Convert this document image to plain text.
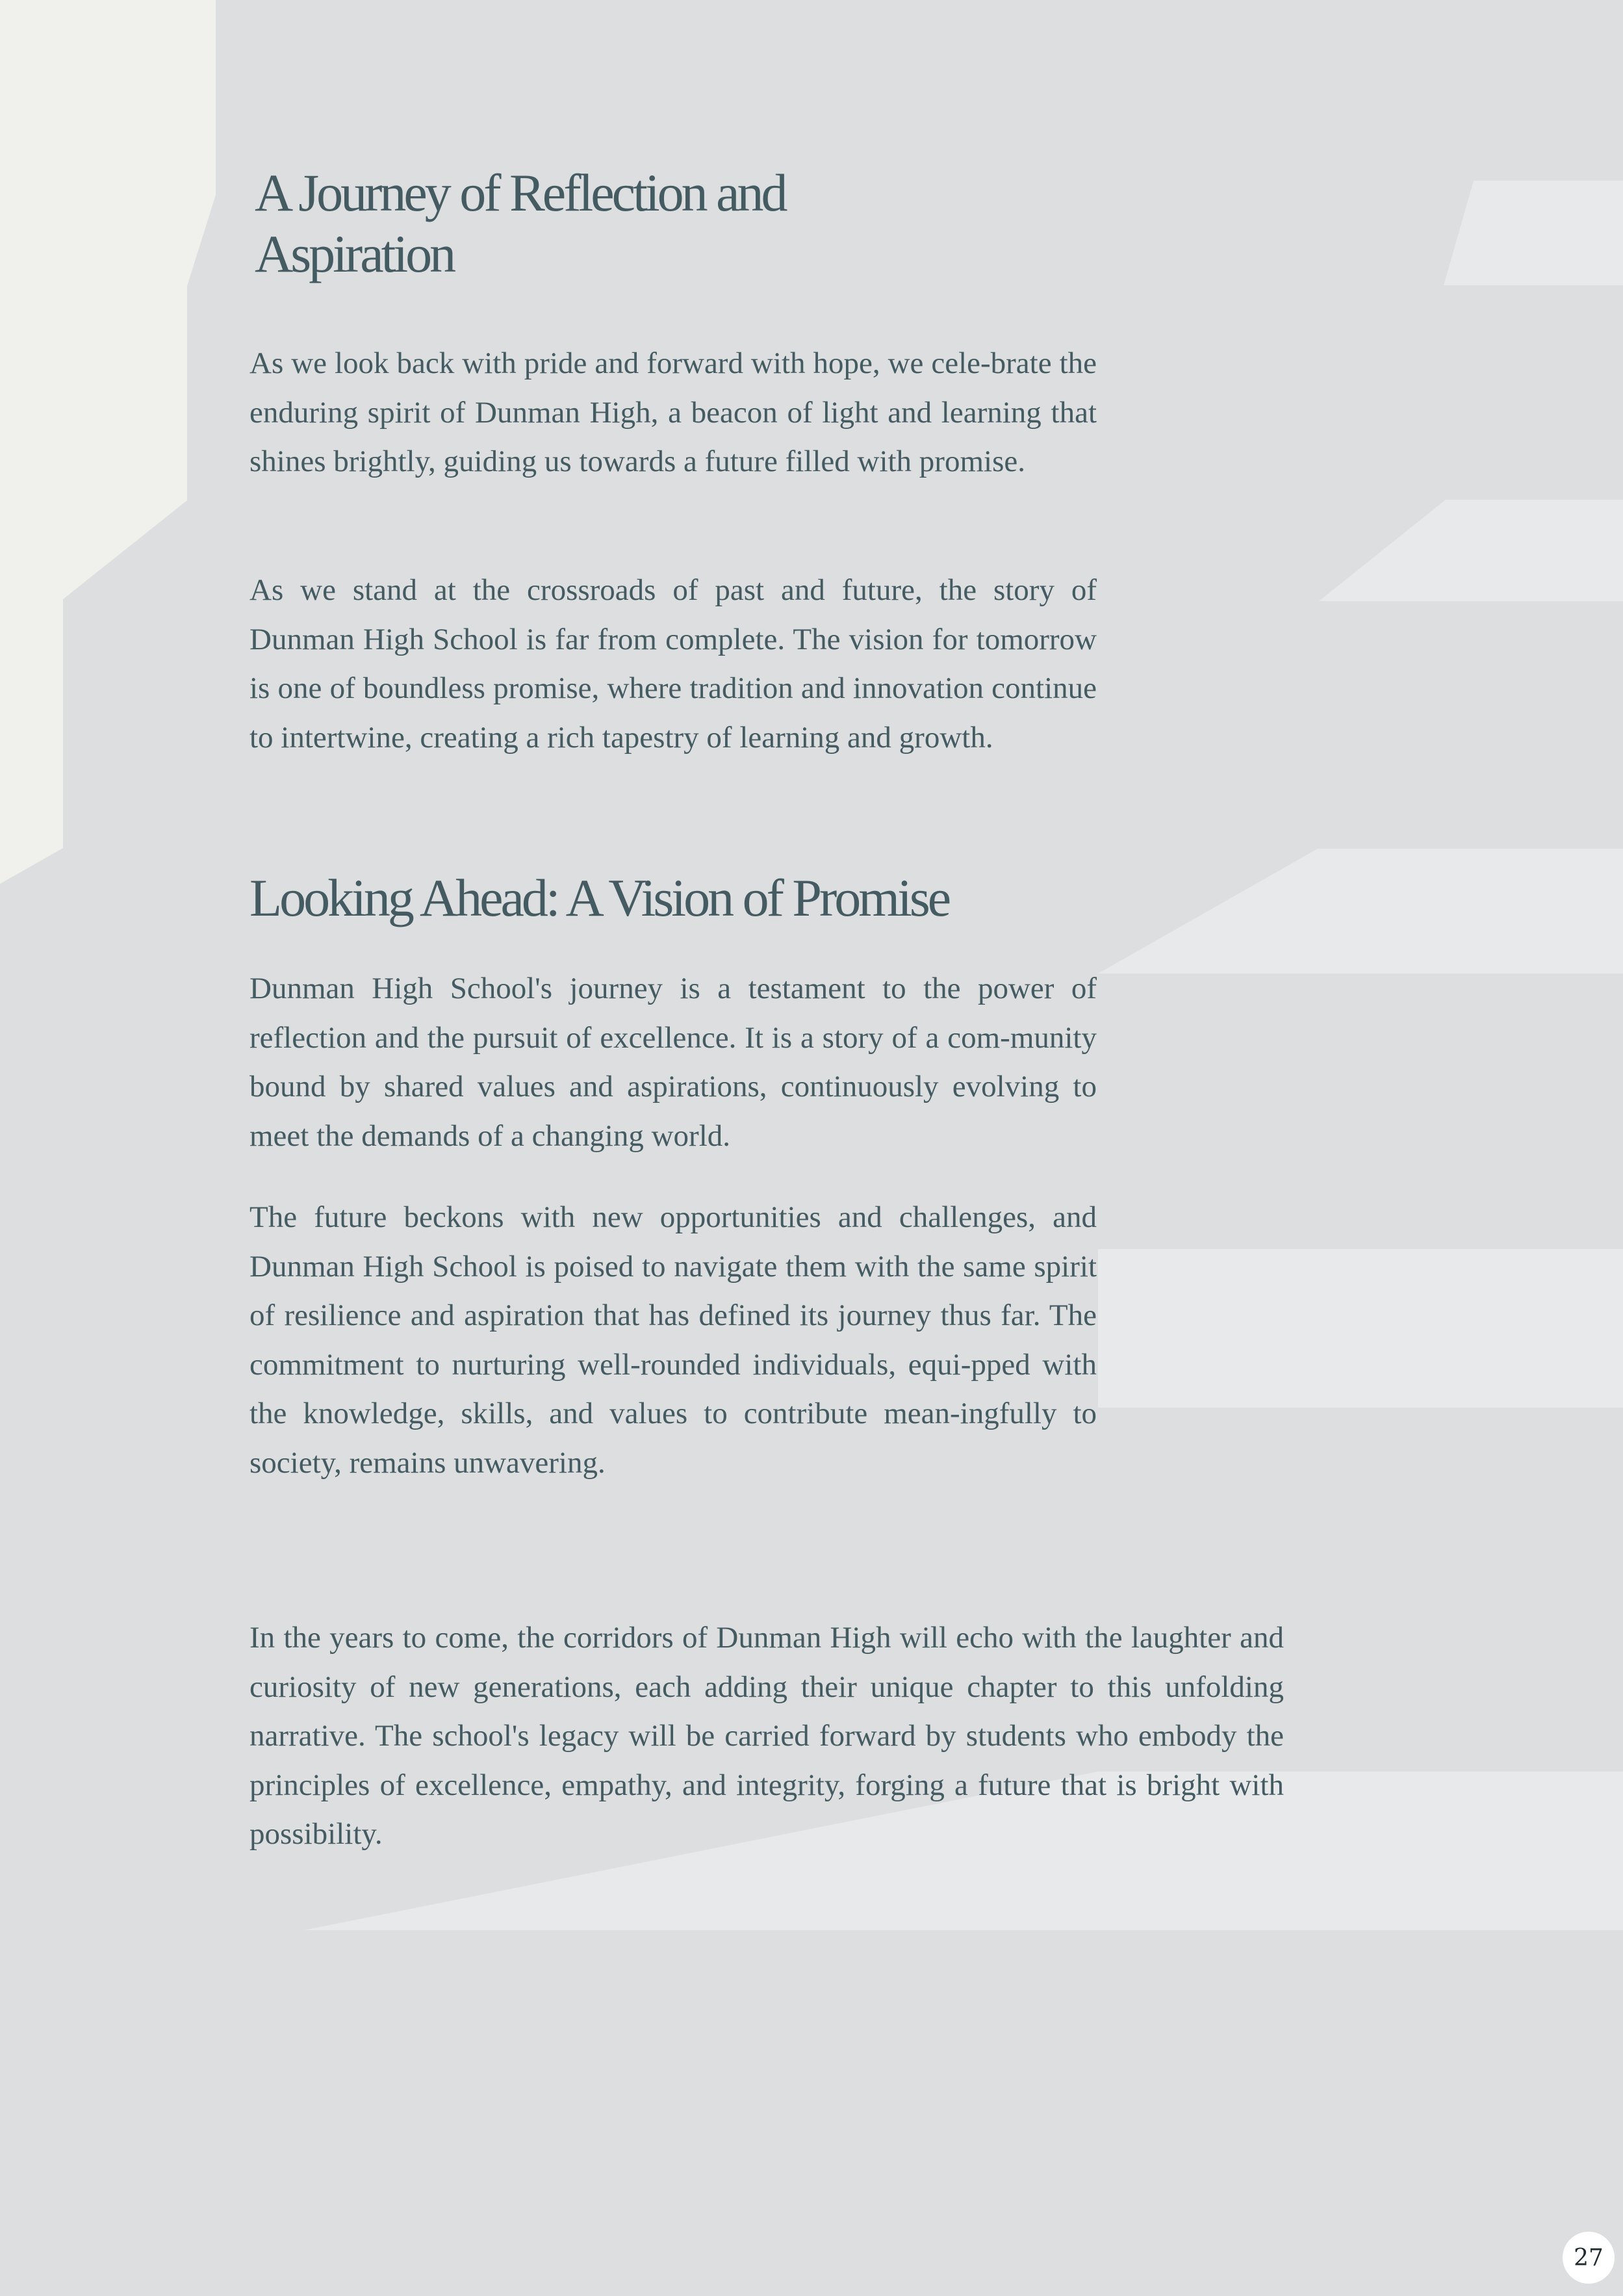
A Journey of Reflection and
Aspiration

As we look back with pride and forward with hope, we cele-brate the enduring spirit of Dunman High, a beacon of light and learning that shines brightly, guiding us towards a future filled with promise.

As we stand at the crossroads of past and future, the story of Dunman High School is far from complete. The vision for tomorrow is one of boundless promise, where tradition and innovation continue to intertwine, creating a rich tapestry of learning and growth.

Looking Ahead: A Vision of Promise

Dunman High School's journey is a testament to the power of reflection and the pursuit of excellence. It is a story of a com-munity bound by shared values and aspirations, continuously evolving to meet the demands of a changing world.

The future beckons with new opportunities and challenges, and Dunman High School is poised to navigate them with the same spirit of resilience and aspiration that has defined its journey thus far. The commitment to nurturing well-rounded individuals, equi-pped with the knowledge, skills, and values to contribute mean-ingfully to society, remains unwavering.

In the years to come, the corridors of Dunman High will echo with the laughter and curiosity of new generations, each adding their unique chapter to this unfolding narrative. The school's legacy will be carried forward by students who embody the principles of excellence, empathy, and integrity, forging a future that is bright with possibility.

27
